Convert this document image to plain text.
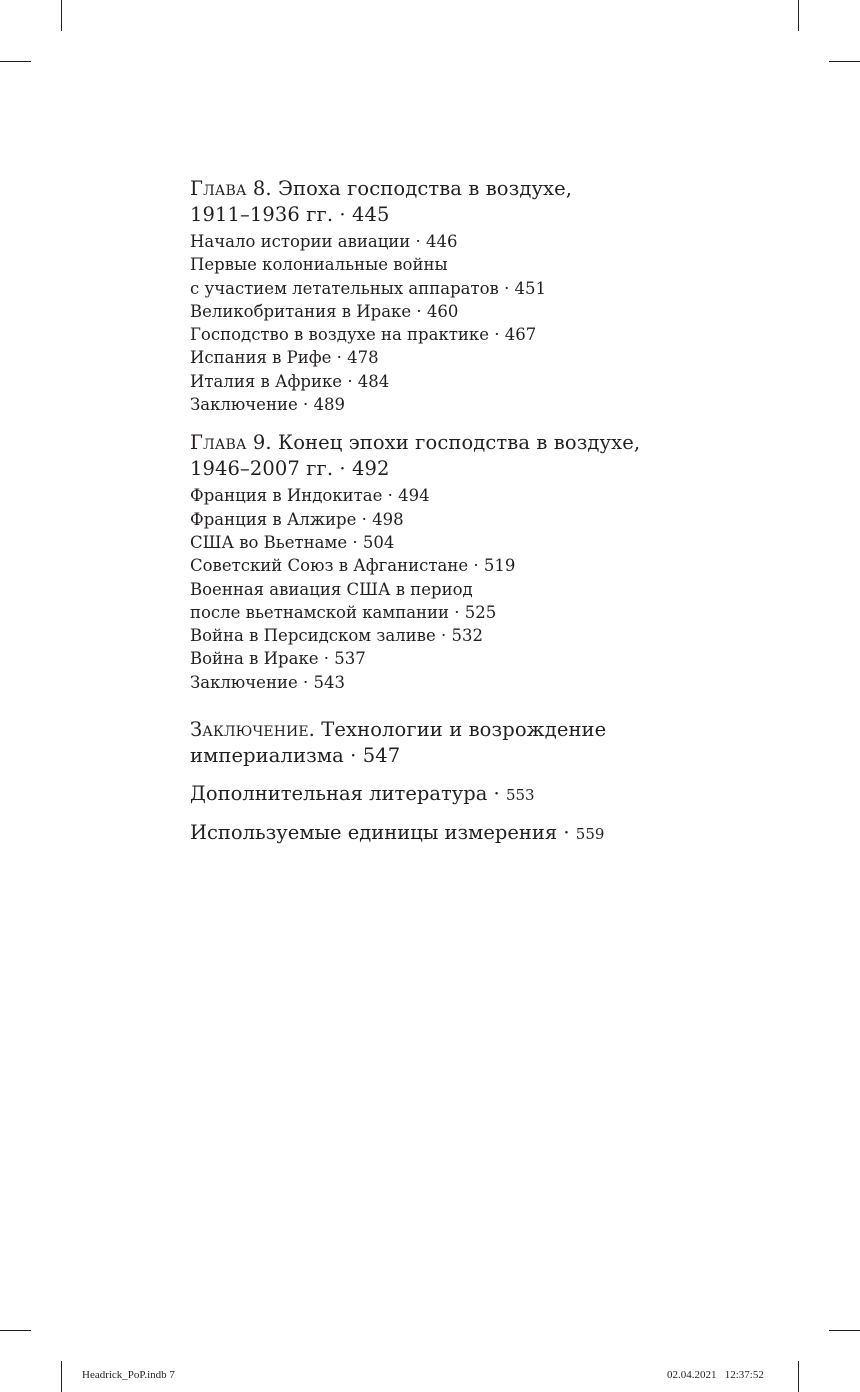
Глава 8. Эпоха господства в воздухе,
1911–1936 гг. · 445

Начало истории авиации · 446
Первые колониальные войны
с участием летательных аппаратов · 451
Великобритания в Ираке · 460
Господство в воздухе на практике · 467
Испания в Рифе · 478
Италия в Африке · 484
Заключение · 489

Глава 9. Конец эпохи господства в воздухе,
1946–2007 гг. · 492

Франция в Индокитае · 494
Франция в Алжире · 498
США во Вьетнаме · 504
Советский Союз в Афганистане · 519
Военная авиация США в период
после вьетнамской кампании · 525
Война в Персидском заливе · 532
Война в Ираке · 537
Заключение · 543

Заключение. Технологии и возрождение
империализма · 547

Дополнительная литература · 553

Используемые единицы измерения · 559

Headrick_PoP.indb 7	02.04.2021   12:37:52
